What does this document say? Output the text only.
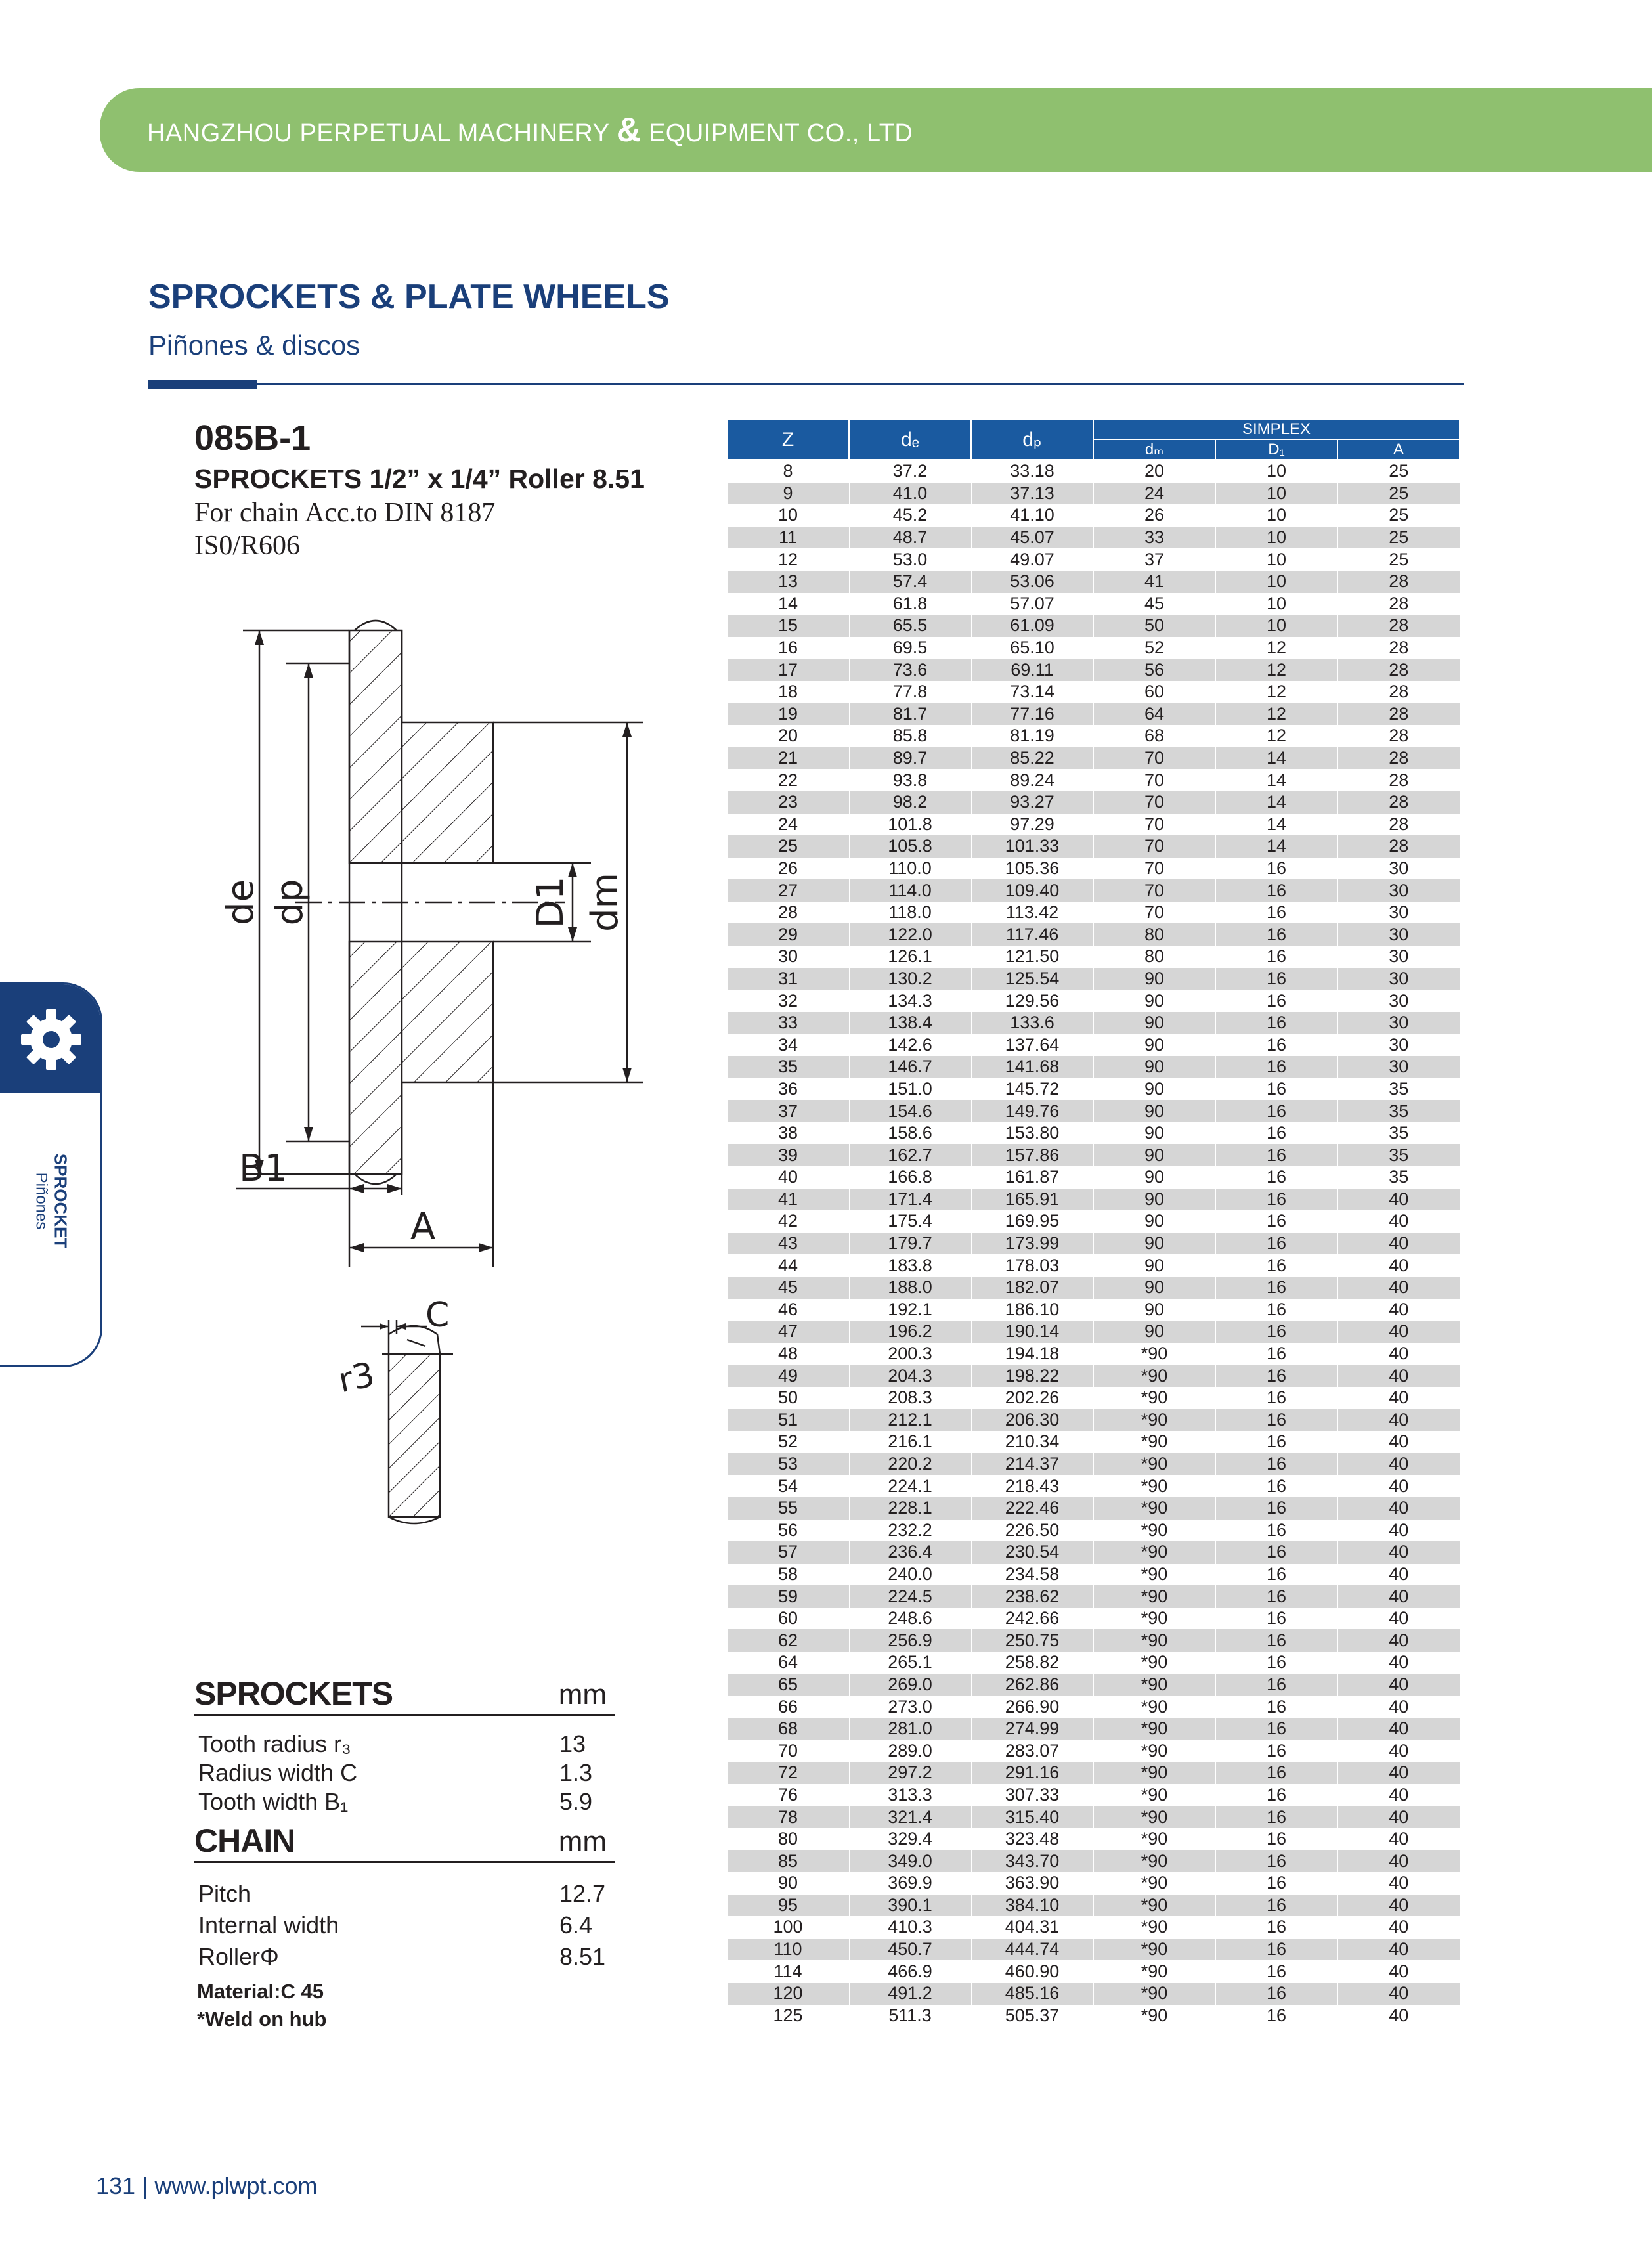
HANGZHOU PERPETUAL MACHINERY & EQUIPMENT CO., LTD
SPROCKETS & PLATE WHEELS
Piñones & discos
085B-1
SPROCKETS 1/2” x 1/4” Roller 8.51
For chain Acc.to DIN 8187
IS0/R606
SPROCKET
Piñones
de dp	D1 dm
B1
A
C
r3
SPROCKETS	mm
Tooth radius r₃	13
Radius width C	1.3
Tooth width B₁	5.9
CHAIN	mm
Pitch	12.7
Internal width	6.4
RollerΦ	8.51
Material:C 45
*Weld on hub
Z	dₑ	dₚ	SIMPLEX		
			dₘ	D₁	A
8	37.2	33.18	20	10	25
9	41.0	37.13	24	10	25
10	45.2	41.10	26	10	25
11	48.7	45.07	33	10	25
12	53.0	49.07	37	10	25
13	57.4	53.06	41	10	28
14	61.8	57.07	45	10	28
15	65.5	61.09	50	10	28
16	69.5	65.10	52	12	28
17	73.6	69.11	56	12	28
18	77.8	73.14	60	12	28
19	81.7	77.16	64	12	28
20	85.8	81.19	68	12	28
21	89.7	85.22	70	14	28
22	93.8	89.24	70	14	28
23	98.2	93.27	70	14	28
24	101.8	97.29	70	14	28
25	105.8	101.33	70	14	28
26	110.0	105.36	70	16	30
27	114.0	109.40	70	16	30
28	118.0	113.42	70	16	30
29	122.0	117.46	80	16	30
30	126.1	121.50	80	16	30
31	130.2	125.54	90	16	30
32	134.3	129.56	90	16	30
33	138.4	133.6	90	16	30
34	142.6	137.64	90	16	30
35	146.7	141.68	90	16	30
36	151.0	145.72	90	16	35
37	154.6	149.76	90	16	35
38	158.6	153.80	90	16	35
39	162.7	157.86	90	16	35
40	166.8	161.87	90	16	35
41	171.4	165.91	90	16	40
42	175.4	169.95	90	16	40
43	179.7	173.99	90	16	40
44	183.8	178.03	90	16	40
45	188.0	182.07	90	16	40
46	192.1	186.10	90	16	40
47	196.2	190.14	90	16	40
48	200.3	194.18	*90	16	40
49	204.3	198.22	*90	16	40
50	208.3	202.26	*90	16	40
51	212.1	206.30	*90	16	40
52	216.1	210.34	*90	16	40
53	220.2	214.37	*90	16	40
54	224.1	218.43	*90	16	40
55	228.1	222.46	*90	16	40
56	232.2	226.50	*90	16	40
57	236.4	230.54	*90	16	40
58	240.0	234.58	*90	16	40
59	224.5	238.62	*90	16	40
60	248.6	242.66	*90	16	40
62	256.9	250.75	*90	16	40
64	265.1	258.82	*90	16	40
65	269.0	262.86	*90	16	40
66	273.0	266.90	*90	16	40
68	281.0	274.99	*90	16	40
70	289.0	283.07	*90	16	40
72	297.2	291.16	*90	16	40
76	313.3	307.33	*90	16	40
78	321.4	315.40	*90	16	40
80	329.4	323.48	*90	16	40
85	349.0	343.70	*90	16	40
90	369.9	363.90	*90	16	40
95	390.1	384.10	*90	16	40
100	410.3	404.31	*90	16	40
110	450.7	444.74	*90	16	40
114	466.9	460.90	*90	16	40
120	491.2	485.16	*90	16	40
125	511.3	505.37	*90	16	40
131 | www.plwpt.com
